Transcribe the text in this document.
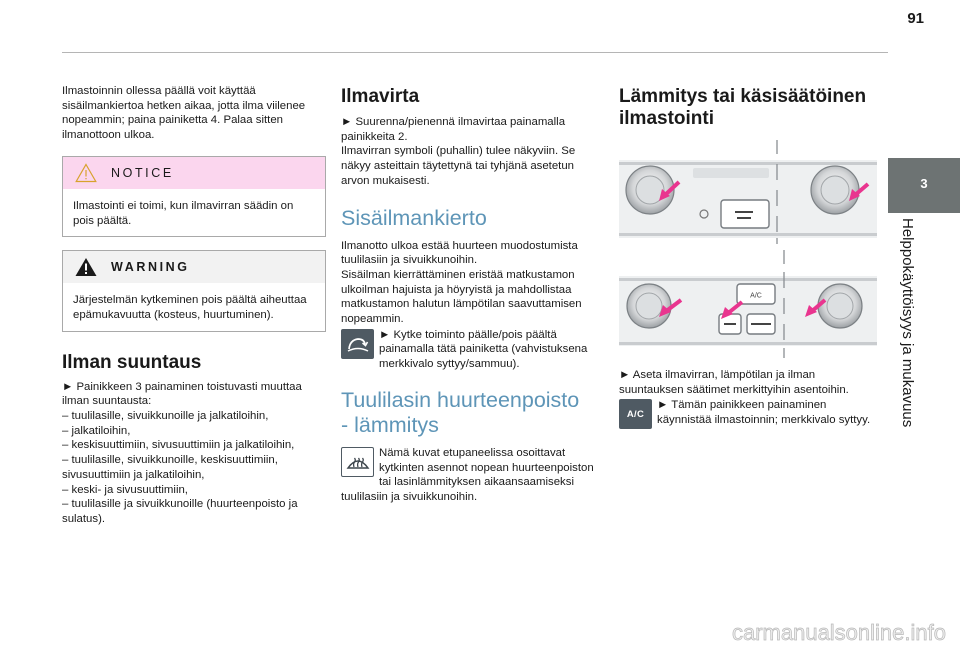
91
3
Helppokäyttöisyys ja mukavuus

Ilmastoinnin ollessa päällä voit käyttää sisäilmankiertoa hetken aikaa, jotta ilma viilenee nopeammin; paina painiketta 4. Palaa sitten ilmanottoon ulkoa.

NOTICE

Ilmastointi ei toimi, kun ilmavirran säädin on pois päältä.

WARNING

Järjestelmän kytkeminen pois päältä aiheuttaa epämukavuutta (kosteus, huurtuminen).

Ilman suuntaus

► Painikkeen 3 painaminen toistuvasti muuttaa ilman suuntausta:

– tuulilasille, sivuikkunoille ja jalkatiloihin,

– jalkatiloihin,

– keskisuuttimiin, sivusuuttimiin ja jalkatiloihin,

– tuulilasille, sivuikkunoille, keskisuuttimiin, sivusuuttimiin ja jalkatiloihin,

– keski- ja sivusuuttimiin,

– tuulilasille ja sivuikkunoille (huurteenpoisto ja sulatus).

Ilmavirta

► Suurenna/pienennä ilmavirtaa painamalla painikkeita 2.

Ilmavirran symboli (puhallin) tulee näkyviin. Se näkyy asteittain täytettynä tai tyhjänä asetetun arvon mukaisesti.

Sisäilmankierto

Ilmanotto ulkoa estää huurteen muodostumista tuulilasiin ja sivuikkunoihin.

Sisäilman kierrättäminen eristää matkustamon ulkoilman hajuista ja höyryistä ja mahdollistaa matkustamon halutun lämpötilan saavuttamisen nopeammin.

► Kytke toiminto päälle/pois päältä painamalla tätä painiketta (vahvistuksena merkkivalo syttyy/sammuu).

Tuulilasin huurteenpoisto
- lämmitys

Nämä kuvat etupaneelissa osoittavat kytkinten asennot nopean huurteenpoiston tai lasinlämmityksen aikaansaamiseksi tuulilasiin ja sivuikkunoihin.

Lämmitys tai käsisäätöinen
ilmastointi
A/C

► Aseta ilmavirran, lämpötilan ja ilman suuntauksen säätimet merkittyihin asentoihin.

A/C

► Tämän painikkeen painaminen käynnistää ilmastoinnin; merkkivalo syttyy.

carmanualsonline.info
